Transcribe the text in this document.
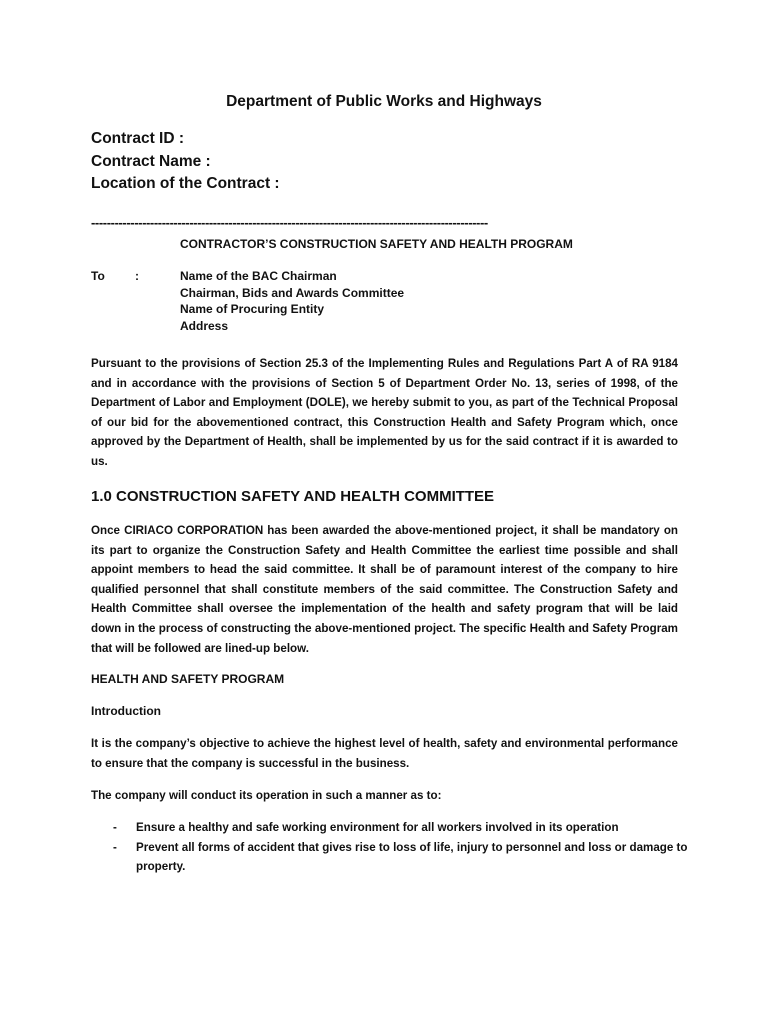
Department of Public Works and Highways
Contract ID :
Contract Name :
Location of the Contract :
-----------------------------------------------------------------------------------------------------
CONTRACTOR’S CONSTRUCTION SAFETY AND HEALTH PROGRAM
To	:	Name of the BAC Chairman
Chairman, Bids and Awards Committee
Name of Procuring Entity
Address

Pursuant to the provisions of Section 25.3 of the Implementing Rules and Regulations Part A of RA 9184 and in accordance with the provisions of Section 5 of Department Order No. 13, series of 1998, of the Department of Labor and Employment (DOLE), we hereby submit to you, as part of the Technical Proposal of our bid for the abovementioned contract, this Construction Health and Safety Program which, once approved by the Department of Health, shall be implemented by us for the said contract if it is awarded to us.

1.0 CONSTRUCTION SAFETY AND HEALTH COMMITTEE

Once CIRIACO CORPORATION has been awarded the above-mentioned project, it shall be mandatory on its part to organize the Construction Safety and Health Committee the earliest time possible and shall appoint members to head the said committee. It shall be of paramount interest of the company to hire qualified personnel that shall constitute members of the said committee. The Construction Safety and Health Committee shall oversee the implementation of the health and safety program that will be laid down in the process of constructing the above-mentioned project. The specific Health and Safety Program that will be followed are lined-up below.

HEALTH AND SAFETY PROGRAM
Introduction

It is the company’s objective to achieve the highest level of health, safety and environmental performance to ensure that the company is successful in the business.

The company will conduct its operation in such a manner as to:

- Ensure a healthy and safe working environment for all workers involved in its operation
- Prevent all forms of accident that gives rise to loss of life, injury to personnel and loss or damage to property.
